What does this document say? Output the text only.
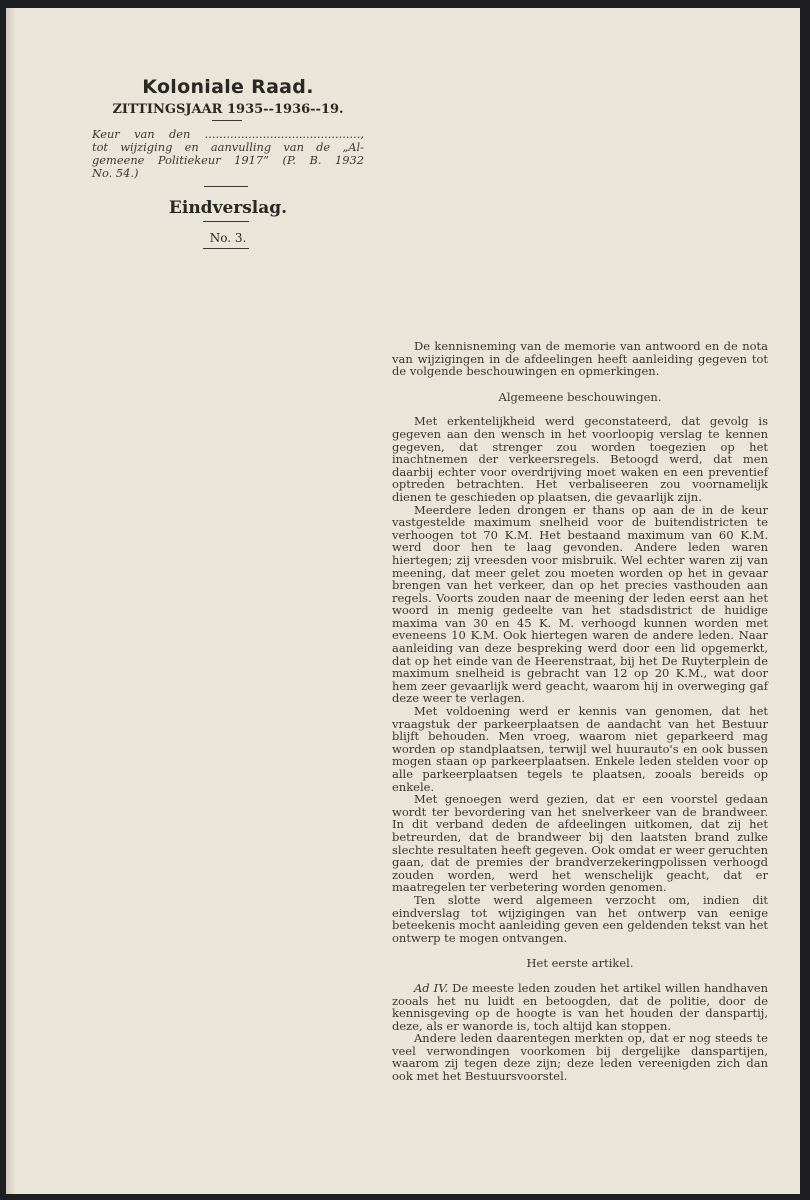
Koloniale Raad.
ZITTINGSJAAR 1935--1936--19.
Keur van den ...........................................,
tot wijziging en aanvulling van de „Al-
gemeene Politiekeur 1917” (P. B. 1932
No. 54.)
Eindverslag.
No. 3.

De kennisneming van de memorie van antwoord en de nota van wijzigingen in de afdeelingen heeft aanleiding gegeven tot de volgende beschouwingen en opmerkingen.

Algemeene beschouwingen.

Met erkentelijkheid werd geconstateerd, dat gevolg is gegeven aan den wensch in het voorloopig verslag te kennen gegeven, dat strenger zou worden toegezien op het inachtnemen der verkeersregels. Betoogd werd, dat men daarbij echter voor overdrijving moet waken en een preventief optreden betrachten. Het verbaliseeren zou voornamelijk dienen te geschieden op plaatsen, die gevaarlijk zijn.

Meerdere leden drongen er thans op aan de in de keur vastgestelde maximum snelheid voor de buitendistricten te verhoogen tot 70 K.M. Het bestaand maximum van 60 K.M. werd door hen te laag gevonden. Andere leden waren hiertegen; zij vreesden voor misbruik. Wel echter waren zij van meening, dat meer gelet zou moeten worden op het in gevaar brengen van het verkeer, dan op het precies vasthouden aan regels. Voorts zouden naar de meening der leden eerst aan het woord in menig gedeelte van het stadsdistrict de huidige maxima van 30 en 45 K. M. verhoogd kunnen worden met eveneens 10 K.M. Ook hiertegen waren de andere leden. Naar aanleiding van deze bespreking werd door een lid opgemerkt, dat op het einde van de Heerenstraat, bij het De Ruyterplein de maximum snelheid is gebracht van 12 op 20 K.M., wat door hem zeer gevaarlijk werd geacht, waarom hij in overweging gaf deze weer te verlagen.

Met voldoening werd er kennis van genomen, dat het vraagstuk der parkeerplaatsen de aandacht van het Bestuur blijft behouden. Men vroeg, waarom niet geparkeerd mag worden op standplaatsen, terwijl wel huurauto's en ook bussen mogen staan op parkeerplaatsen. Enkele leden stelden voor op alle parkeerplaatsen tegels te plaatsen, zooals bereids op enkele.

Met genoegen werd gezien, dat er een voorstel gedaan wordt ter bevordering van het snelverkeer van de brandweer. In dit verband deden de afdeelingen uitkomen, dat zij het betreurden, dat de brandweer bij den laatsten brand zulke slechte resultaten heeft gegeven. Ook omdat er weer geruchten gaan, dat de premies der brandverzekeringpolissen verhoogd zouden worden, werd het wenschelijk geacht, dat er maatregelen ter verbetering worden genomen.

Ten slotte werd algemeen verzocht om, indien dit eindverslag tot wijzigingen van het ontwerp van eenige beteekenis mocht aanleiding geven een geldenden tekst van het ontwerp te mogen ontvangen.

Het eerste artikel.

Ad IV. De meeste leden zouden het artikel willen handhaven zooals het nu luidt en betoogden, dat de politie, door de kennisgeving op de hoogte is van het houden der danspartij, deze, als er wanorde is, toch altijd kan stoppen.

Andere leden daarentegen merkten op, dat er nog steeds te veel verwondingen voorkomen bij dergelijke danspartijen, waarom zij tegen deze zijn; deze leden vereenigden zich dan ook met het Bestuursvoorstel.
